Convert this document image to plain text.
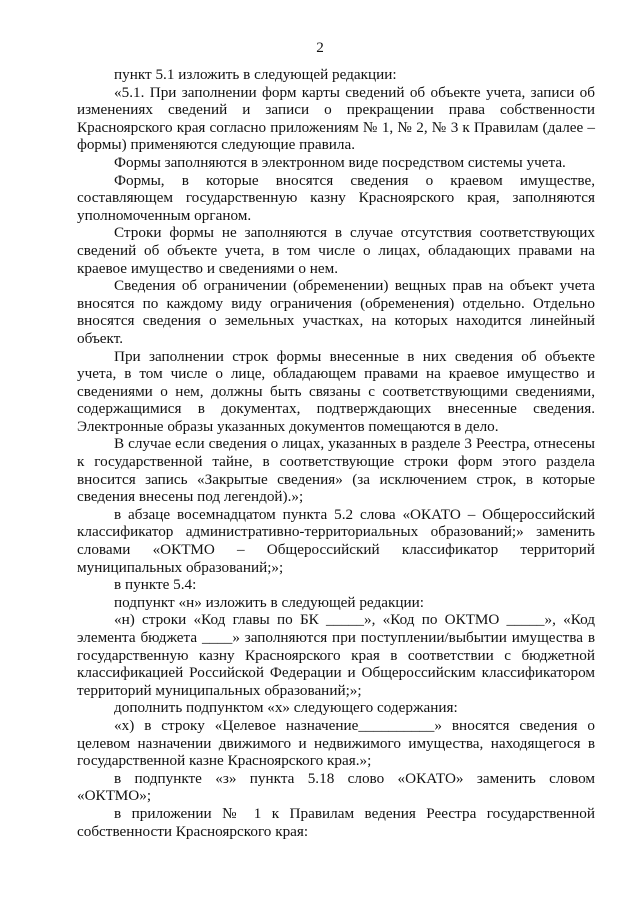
2

пункт 5.1 изложить в следующей редакции:

«5.1. При заполнении форм карты сведений об объекте учета, записи об изменениях сведений и записи о прекращении права собственности Красноярского края согласно приложениям № 1, № 2, № 3 к Правилам (далее – формы) применяются следующие правила.

Формы заполняются в электронном виде посредством системы учета.

Формы, в которые вносятся сведения о краевом имуществе, составляющем государственную казну Красноярского края, заполняются уполномоченным органом.

Строки формы не заполняются в случае отсутствия соответствующих сведений об объекте учета, в том числе о лицах, обладающих правами на краевое имущество и сведениями о нем.

Сведения об ограничении (обременении) вещных прав на объект учета вносятся по каждому виду ограничения (обременения) отдельно. Отдельно вносятся сведения о земельных участках, на которых находится линейный объект.

При заполнении строк формы внесенные в них сведения об объекте учета, в том числе о лице, обладающем правами на краевое имущество и сведениями о нем, должны быть связаны с соответствующими сведениями, содержащимися в документах, подтверждающих внесенные сведения. Электронные образы указанных документов помещаются в дело.

В случае если сведения о лицах, указанных в разделе 3 Реестра, отнесены к государственной тайне, в соответствующие строки форм этого раздела вносится запись «Закрытые сведения» (за исключением строк, в которые сведения внесены под легендой).»;

в абзаце восемнадцатом пункта 5.2 слова «ОКАТО – Общероссийский классификатор административно-территориальных образований;» заменить словами «ОКТМО – Общероссийский классификатор территорий муниципальных образований;»;

в пункте 5.4:

подпункт «н» изложить в следующей редакции:

«н) строки «Код главы по БК _____», «Код по ОКТМО _____», «Код элемента бюджета ____» заполняются при поступлении/выбытии имущества в государственную казну Красноярского края в соответствии с бюджетной классификацией Российской Федерации и Общероссийским классификатором территорий муниципальных образований;»;

дополнить подпунктом «х» следующего содержания:

«х) в строку «Целевое назначение__________» вносятся сведения о целевом назначении движимого и недвижимого имущества, находящегося в государственной казне Красноярского края.»;

в подпункте «з» пункта 5.18 слово «ОКАТО» заменить словом «ОКТМО»;

в приложении № 1 к Правилам ведения Реестра государственной собственности Красноярского края:
